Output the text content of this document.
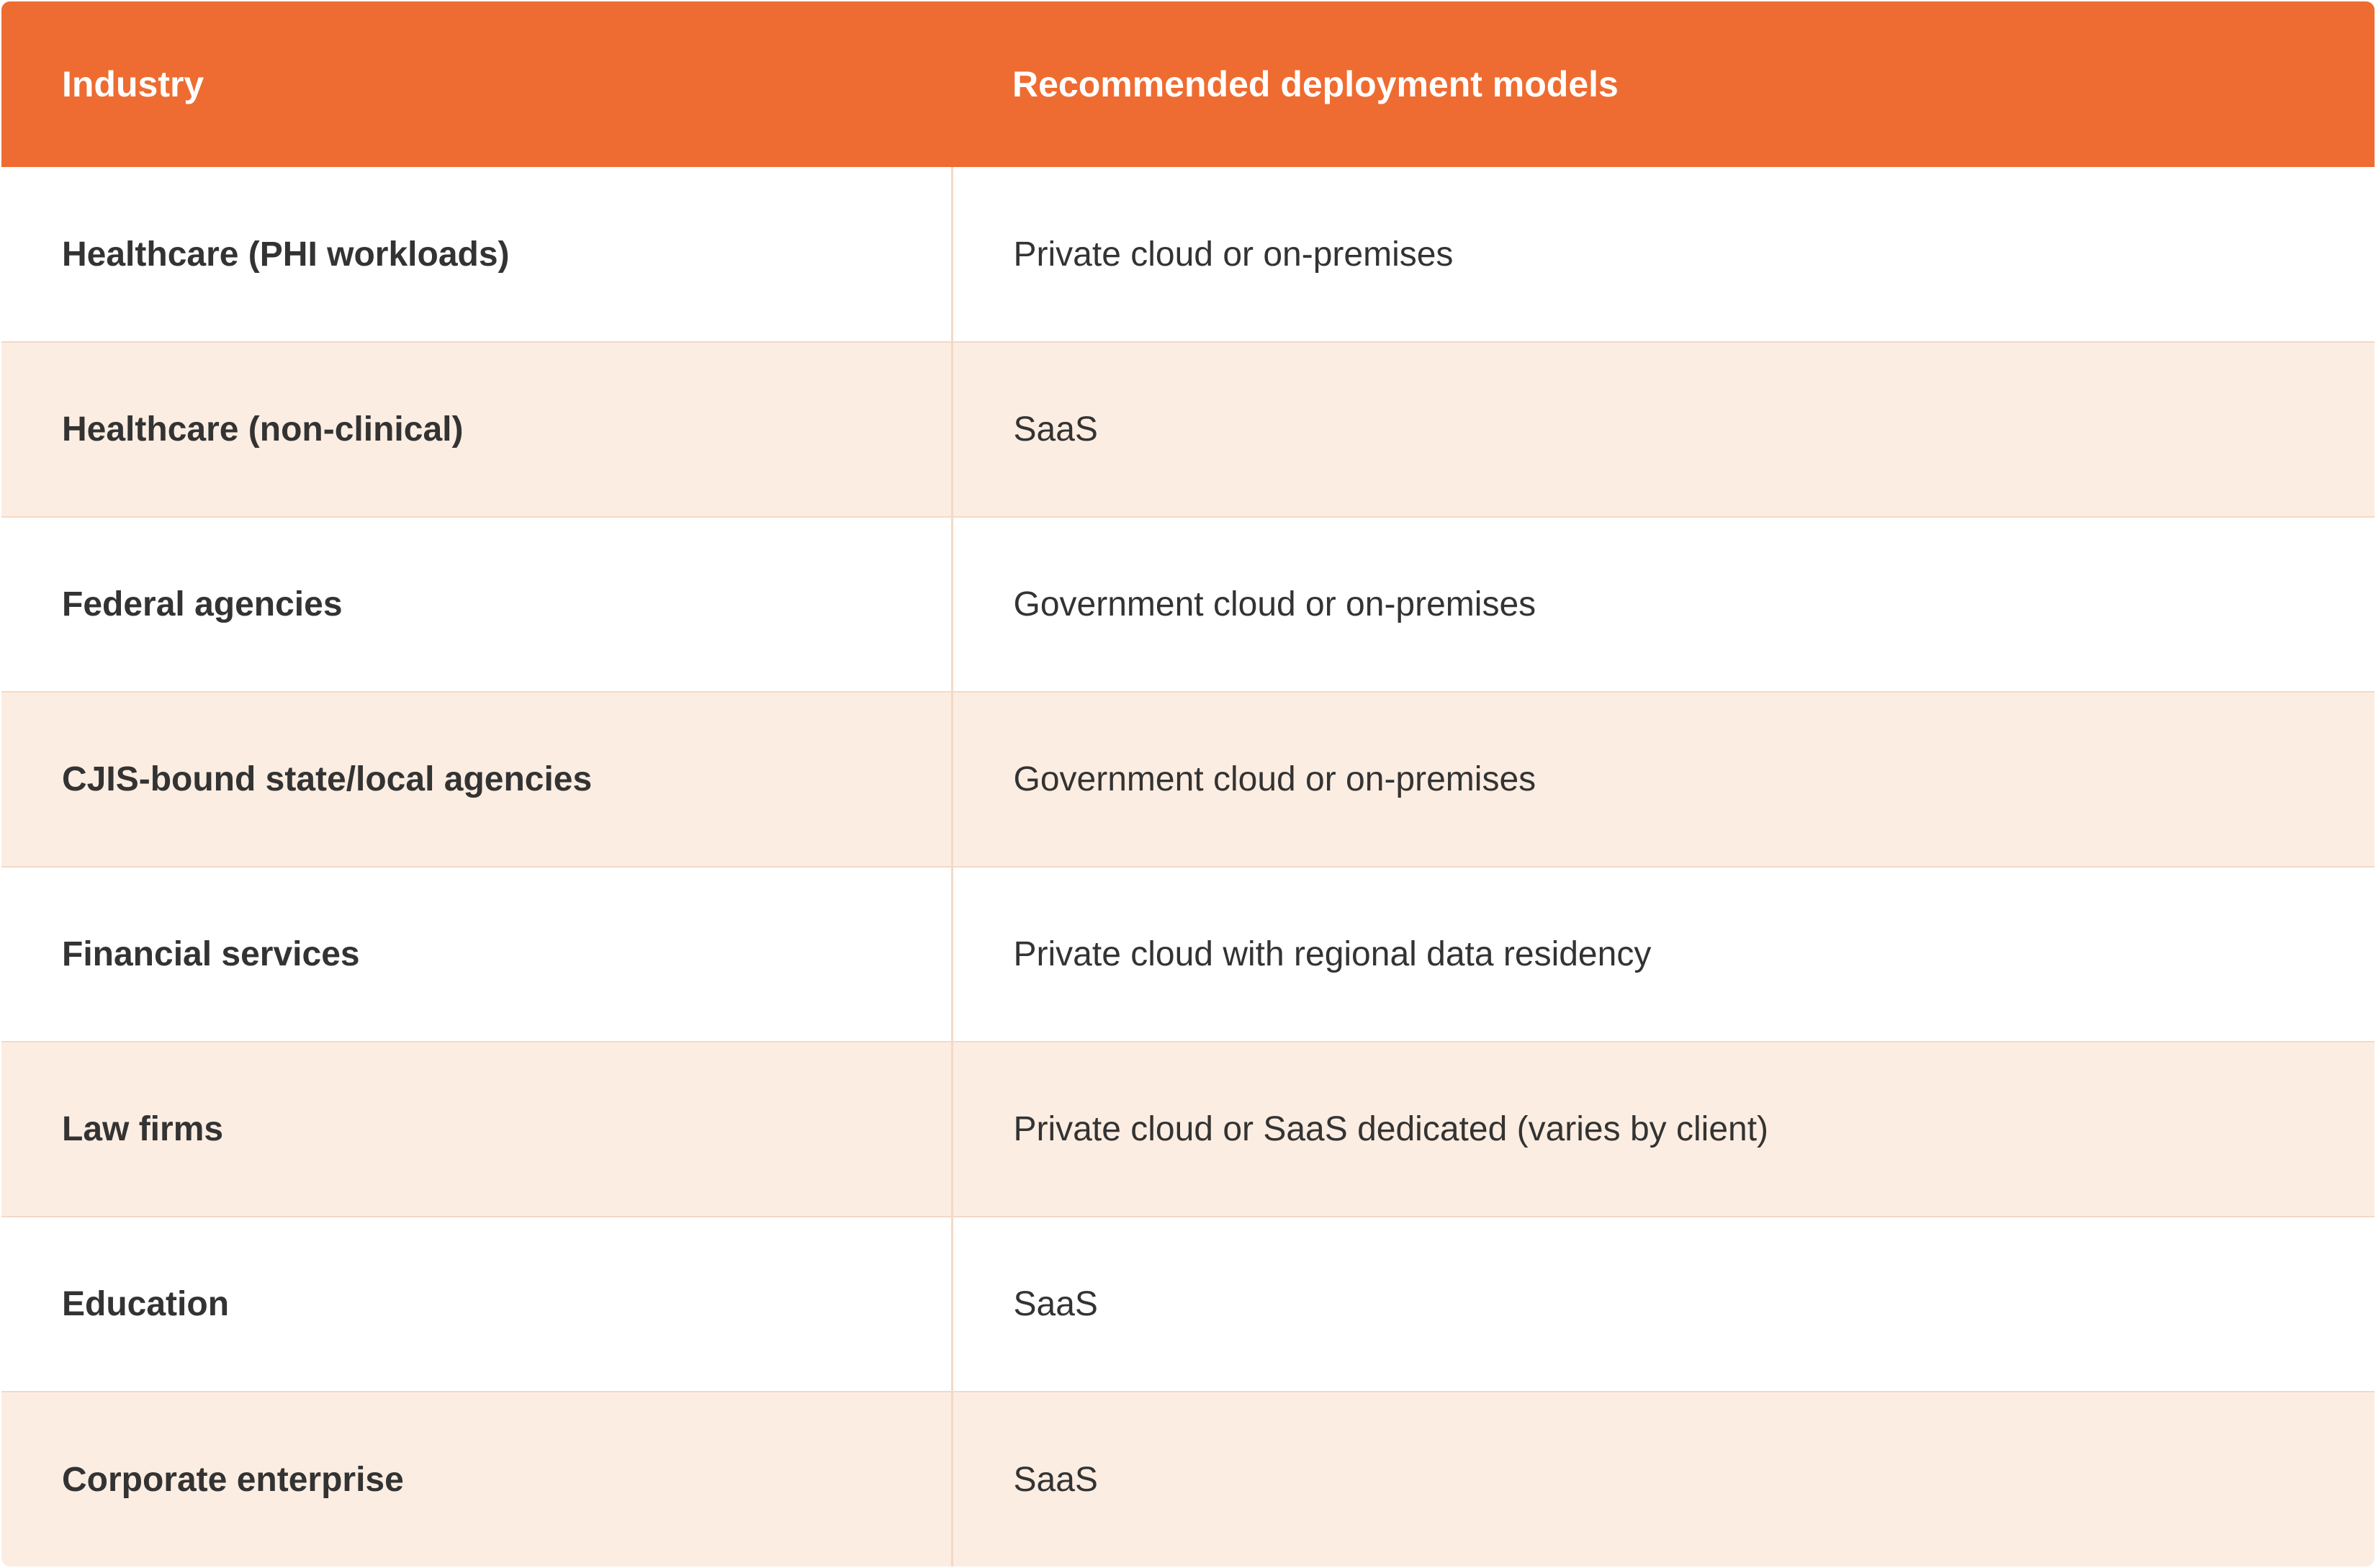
Industry	Recommended deployment models
Healthcare (PHI workloads)	Private cloud or on-premises
Healthcare (non-clinical)	SaaS
Federal agencies	Government cloud or on-premises
CJIS-bound state/local agencies	Government cloud or on-premises
Financial services	Private cloud with regional data residency
Law firms	Private cloud or SaaS dedicated (varies by client)
Education	SaaS
Corporate enterprise	SaaS
